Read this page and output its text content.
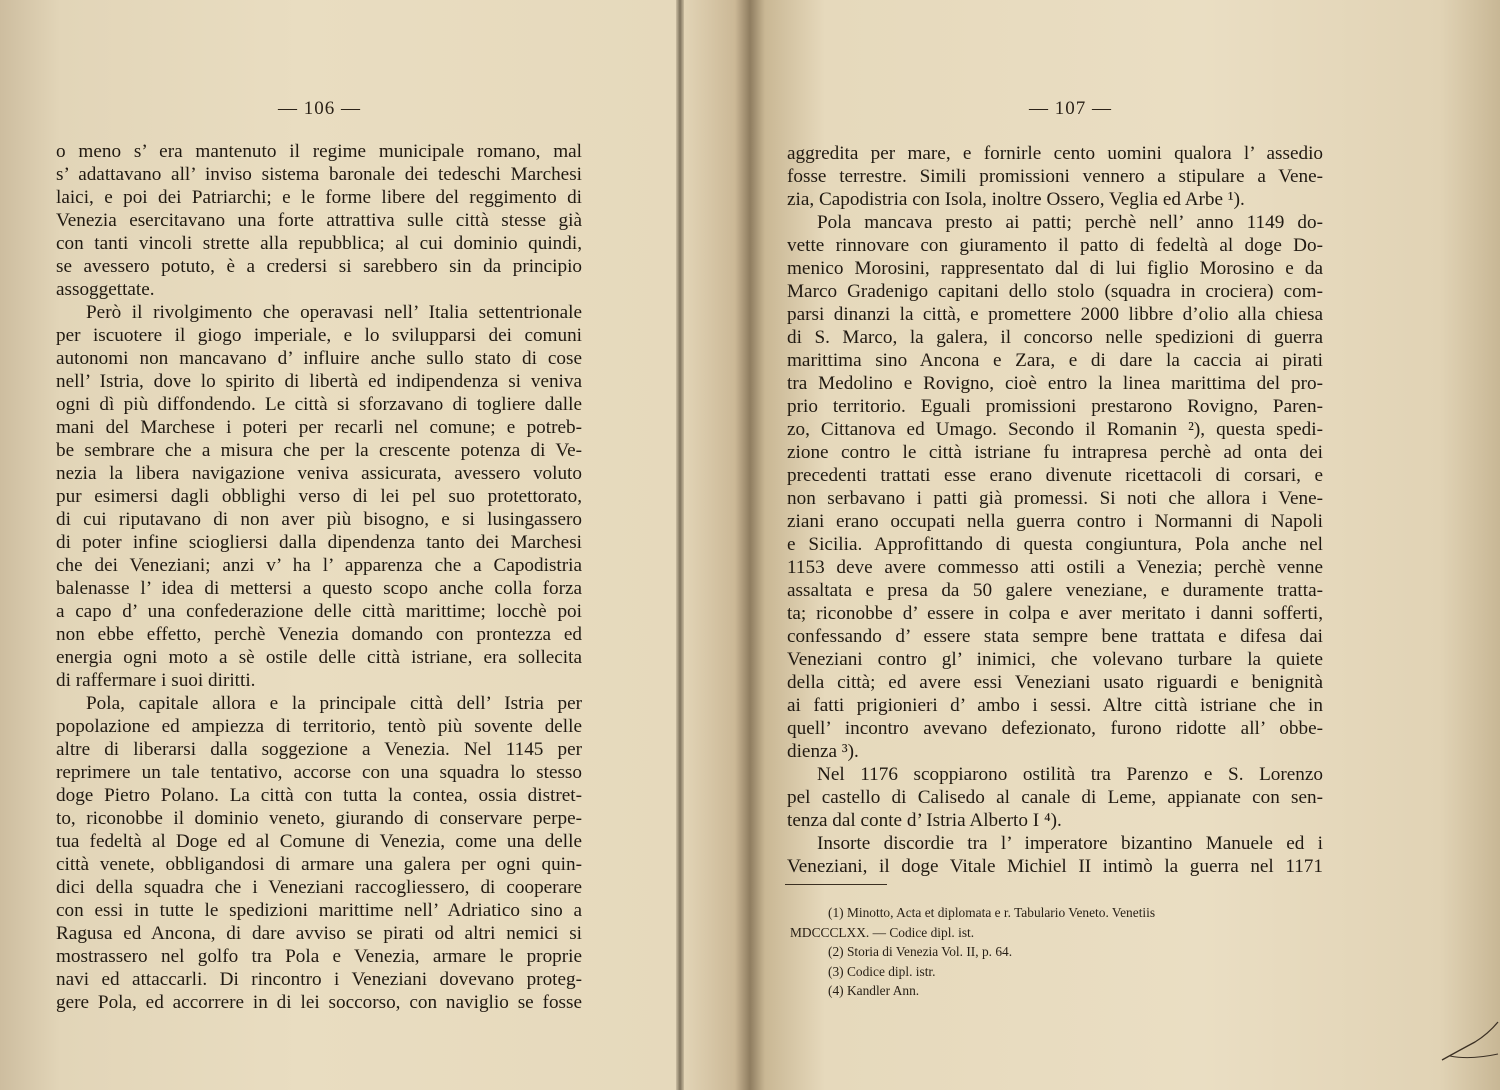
— 106 —
o meno s’ era mantenuto il regime municipale romano, mal
s’ adattavano all’ inviso sistema baronale dei tedeschi Marchesi
laici, e poi dei Patriarchi; e le forme libere del reggimento di
Venezia esercitavano una forte attrattiva sulle città stesse già
con tanti vincoli strette alla repubblica; al cui dominio quindi,
se avessero potuto, è a credersi si sarebbero sin da principio
assoggettate.
Però il rivolgimento che operavasi nell’ Italia settentrionale
per iscuotere il giogo imperiale, e lo svilupparsi dei comuni
autonomi non mancavano d’ influire anche sullo stato di cose
nell’ Istria, dove lo spirito di libertà ed indipendenza si veniva
ogni dì più diffondendo. Le città si sforzavano di togliere dalle
mani del Marchese i poteri per recarli nel comune; e potreb-
be sembrare che a misura che per la crescente potenza di Ve-
nezia la libera navigazione veniva assicurata, avessero voluto
pur esimersi dagli obblighi verso di lei pel suo protettorato,
di cui riputavano di non aver più bisogno, e si lusingassero
di poter infine sciogliersi dalla dipendenza tanto dei Marchesi
che dei Veneziani; anzi v’ ha l’ apparenza che a Capodistria
balenasse l’ idea di mettersi a questo scopo anche colla forza
a capo d’ una confederazione delle città marittime; locchè poi
non ebbe effetto, perchè Venezia domando con prontezza ed
energia ogni moto a sè ostile delle città istriane, era sollecita
di raffermare i suoi diritti.
Pola, capitale allora e la principale città dell’ Istria per
popolazione ed ampiezza di territorio, tentò più sovente delle
altre di liberarsi dalla soggezione a Venezia. Nel 1145 per
reprimere un tale tentativo, accorse con una squadra lo stesso
doge Pietro Polano. La città con tutta la contea, ossia distret-
to, riconobbe il dominio veneto, giurando di conservare perpe-
tua fedeltà al Doge ed al Comune di Venezia, come una delle
città venete, obbligandosi di armare una galera per ogni quin-
dici della squadra che i Veneziani raccogliessero, di cooperare
con essi in tutte le spedizioni marittime nell’ Adriatico sino a
Ragusa ed Ancona, di dare avviso se pirati od altri nemici si
mostrassero nel golfo tra Pola e Venezia, armare le proprie
navi ed attaccarli. Di rincontro i Veneziani dovevano proteg-
gere Pola, ed accorrere in di lei soccorso, con naviglio se fosse
— 107 —
aggredita per mare, e fornirle cento uomini qualora l’ assedio
fosse terrestre. Simili promissioni vennero a stipulare a Vene-
zia, Capodistria con Isola, inoltre Ossero, Veglia ed Arbe ¹).
Pola mancava presto ai patti; perchè nell’ anno 1149 do-
vette rinnovare con giuramento il patto di fedeltà al doge Do-
menico Morosini, rappresentato dal di lui figlio Morosino e da
Marco Gradenigo capitani dello stolo (squadra in crociera) com-
parsi dinanzi la città, e promettere 2000 libbre d’olio alla chiesa
di S. Marco, la galera, il concorso nelle spedizioni di guerra
marittima sino Ancona e Zara, e di dare la caccia ai pirati
tra Medolino e Rovigno, cioè entro la linea marittima del pro-
prio territorio. Eguali promissioni prestarono Rovigno, Paren-
zo, Cittanova ed Umago. Secondo il Romanin ²), questa spedi-
zione contro le città istriane fu intrapresa perchè ad onta dei
precedenti trattati esse erano divenute ricettacoli di corsari, e
non serbavano i patti già promessi. Si noti che allora i Vene-
ziani erano occupati nella guerra contro i Normanni di Napoli
e Sicilia. Approfittando di questa congiuntura, Pola anche nel
1153 deve avere commesso atti ostili a Venezia; perchè venne
assaltata e presa da 50 galere veneziane, e duramente tratta-
ta; riconobbe d’ essere in colpa e aver meritato i danni sofferti,
confessando d’ essere stata sempre bene trattata e difesa dai
Veneziani contro gl’ inimici, che volevano turbare la quiete
della città; ed avere essi Veneziani usato riguardi e benignità
ai fatti prigionieri d’ ambo i sessi. Altre città istriane che in
quell’ incontro avevano defezionato, furono ridotte all’ obbe-
dienza ³).
Nel 1176 scoppiarono ostilità tra Parenzo e S. Lorenzo
pel castello di Calisedo al canale di Leme, appianate con sen-
tenza dal conte d’ Istria Alberto I ⁴).
Insorte discordie tra l’ imperatore bizantino Manuele ed i
Veneziani, il doge Vitale Michiel II intimò la guerra nel 1171
(1) Minotto, Acta et diplomata e r. Tabulario Veneto. Venetiis
MDCCCLXX. — Codice dipl. ist.
(2) Storia di Venezia Vol. II, p. 64.
(3) Codice dipl. istr.
(4) Kandler Ann.
